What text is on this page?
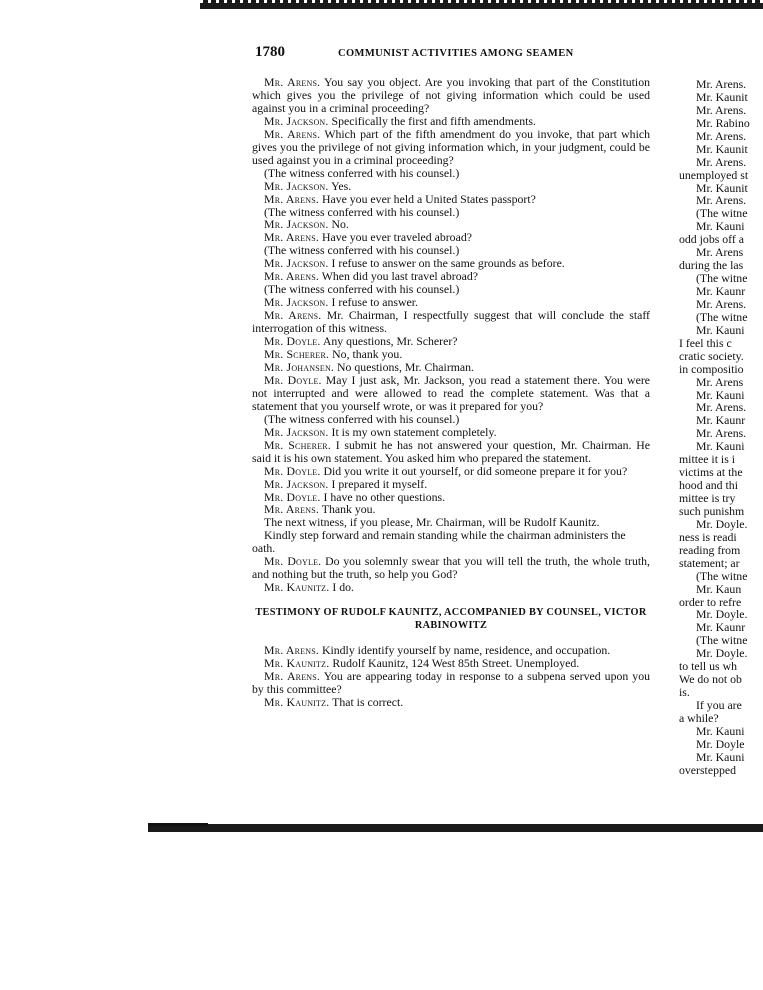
1780	COMMUNIST ACTIVITIES AMONG SEAMEN

Mr. Arens. You say you object. Are you invoking that part of the Constitution which gives you the privilege of not giving information which could be used against you in a criminal proceeding?

Mr. Jackson. Specifically the first and fifth amendments.

Mr. Arens. Which part of the fifth amendment do you invoke, that part which gives you the privilege of not giving information which, in your judgment, could be used against you in a criminal proceeding?

(The witness conferred with his counsel.)

Mr. Jackson. Yes.

Mr. Arens. Have you ever held a United States passport?

(The witness conferred with his counsel.)

Mr. Jackson. No.

Mr. Arens. Have you ever traveled abroad?

(The witness conferred with his counsel.)

Mr. Jackson. I refuse to answer on the same grounds as before.

Mr. Arens. When did you last travel abroad?

(The witness conferred with his counsel.)

Mr. Jackson. I refuse to answer.

Mr. Arens. Mr. Chairman, I respectfully suggest that will conclude the staff interrogation of this witness.

Mr. Doyle. Any questions, Mr. Scherer?

Mr. Scherer. No, thank you.

Mr. Johansen. No questions, Mr. Chairman.

Mr. Doyle. May I just ask, Mr. Jackson, you read a statement there. You were not interrupted and were allowed to read the complete statement. Was that a statement that you yourself wrote, or was it prepared for you?

(The witness conferred with his counsel.)

Mr. Jackson. It is my own statement completely.

Mr. Scherer. I submit he has not answered your question, Mr. Chairman. He said it is his own statement. You asked him who prepared the statement.

Mr. Doyle. Did you write it out yourself, or did someone prepare it for you?

Mr. Jackson. I prepared it myself.

Mr. Doyle. I have no other questions.

Mr. Arens. Thank you.

The next witness, if you please, Mr. Chairman, will be Rudolf Kaunitz.

Kindly step forward and remain standing while the chairman administers the oath.

Mr. Doyle. Do you solemnly swear that you will tell the truth, the whole truth, and nothing but the truth, so help you God?

Mr. Kaunitz. I do.

TESTIMONY OF RUDOLF KAUNITZ, ACCOMPANIED BY COUNSEL, VICTOR RABINOWITZ

Mr. Arens. Kindly identify yourself by name, residence, and occupation.

Mr. Kaunitz. Rudolf Kaunitz, 124 West 85th Street. Unemployed.

Mr. Arens. You are appearing today in response to a subpena served upon you by this committee?

Mr. Kaunitz. That is correct.

Mr. Arens.
Mr. Kaunit
Mr. Arens.
Mr. Rabino
Mr. Arens.
Mr. Kaunit
Mr. Arens.
unemployed st
Mr. Kaunit
Mr. Arens.
(The witne
Mr. Kauni
odd jobs off a
Mr. Arens
during the las
(The witne
Mr. Kaunr
Mr. Arens.
(The witne
Mr. Kauni
I feel this c
cratic society.
in compositio
Mr. Arens
Mr. Kauni
Mr. Arens.
Mr. Kaunr
Mr. Arens.
Mr. Kauni
mittee it is i
victims at the
hood and thi
mittee is try
such punishm
Mr. Doyle.
ness is readi
reading from
statement; ar
(The witne
Mr. Kaun
order to refre
Mr. Doyle.
Mr. Kaunr
(The witne
Mr. Doyle.
to tell us wh
We do not ob
is.
If you are
a while?
Mr. Kauni
Mr. Doyle
Mr. Kauni
overstepped
